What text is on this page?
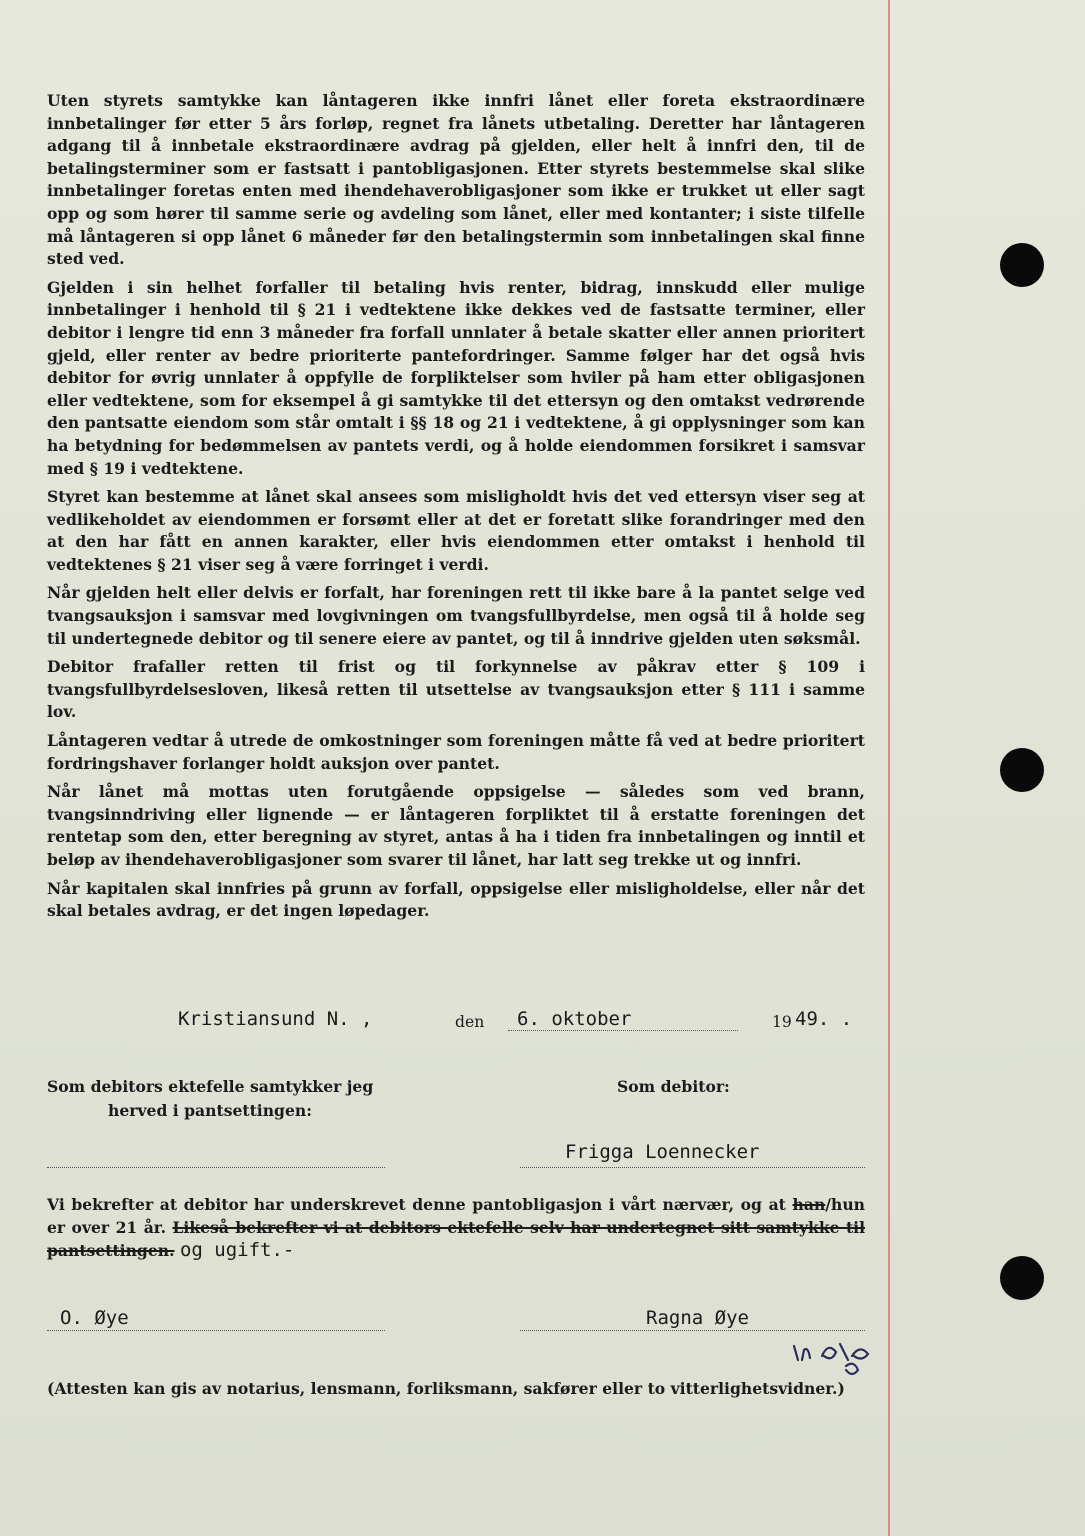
Uten styrets samtykke kan låntageren ikke innfri lånet eller foreta ekstraordinære innbetalinger før etter 5 års forløp, regnet fra lånets utbetaling. Deretter har låntageren adgang til å innbetale ekstraordinære avdrag på gjelden, eller helt å innfri den, til de betalingsterminer som er fastsatt i pantobligasjonen. Etter styrets bestemmelse skal slike innbetalinger foretas enten med ihendehaverobligasjoner som ikke er trukket ut eller sagt opp og som hører til samme serie og avdeling som lånet, eller med kontanter; i siste tilfelle må låntageren si opp lånet 6 måneder før den betalingstermin som innbetalingen skal finne sted ved.

Gjelden i sin helhet forfaller til betaling hvis renter, bidrag, innskudd eller mulige innbetalinger i henhold til § 21 i vedtektene ikke dekkes ved de fastsatte terminer, eller debitor i lengre tid enn 3 måneder fra forfall unnlater å betale skatter eller annen prioritert gjeld, eller renter av bedre prioriterte pantefordringer. Samme følger har det også hvis debitor for øvrig unnlater å oppfylle de forpliktelser som hviler på ham etter obligasjonen eller vedtektene, som for eksempel å gi samtykke til det ettersyn og den omtakst vedrørende den pantsatte eiendom som står omtalt i §§ 18 og 21 i vedtektene, å gi opplysninger som kan ha betydning for bedømmelsen av pantets verdi, og å holde eiendommen forsikret i samsvar med § 19 i vedtektene.

Styret kan bestemme at lånet skal ansees som misligholdt hvis det ved ettersyn viser seg at vedlikeholdet av eiendommen er forsømt eller at det er foretatt slike forandringer med den at den har fått en annen karakter, eller hvis eiendommen etter omtakst i henhold til vedtektenes § 21 viser seg å være forringet i verdi.

Når gjelden helt eller delvis er forfalt, har foreningen rett til ikke bare å la pantet selge ved tvangsauksjon i samsvar med lovgivningen om tvangsfullbyrdelse, men også til å holde seg til undertegnede debitor og til senere eiere av pantet, og til å inndrive gjelden uten søksmål.

Debitor frafaller retten til frist og til forkynnelse av påkrav etter § 109 i tvangsfullbyrdelsesloven, likeså retten til utsettelse av tvangsauksjon etter § 111 i samme lov.

Låntageren vedtar å utrede de omkostninger som foreningen måtte få ved at bedre prioritert fordringshaver forlanger holdt auksjon over pantet.

Når lånet må mottas uten forutgående oppsigelse — således som ved brann, tvangsinndriving eller lignende — er låntageren forpliktet til å erstatte foreningen det rentetap som den, etter beregning av styret, antas å ha i tiden fra innbetalingen og inntil et beløp av ihendehaverobligasjoner som svarer til lånet, har latt seg trekke ut og innfri.

Når kapitalen skal innfries på grunn av forfall, oppsigelse eller misligholdelse, eller når det skal betales avdrag, er det ingen løpedager.

Kristiansund N. ,	den 6. oktober	19 49. .
Som debitors ektefelle samtykker jeg
herved i pantsettingen:
Som debitor:
Frigga Loennecker
Vi bekrefter at debitor har underskrevet denne pantobligasjon i vårt nærvær, og at han/hun er over 21 år. Likeså bekrefter vi at debitors ektefelle selv har undertegnet sitt samtykke til pantsettingen. og ugift.-
O. Øye	Ragna Øye
(Attesten kan gis av notarius, lensmann, forliksmann, sakfører eller to vitterlighetsvidner.)
